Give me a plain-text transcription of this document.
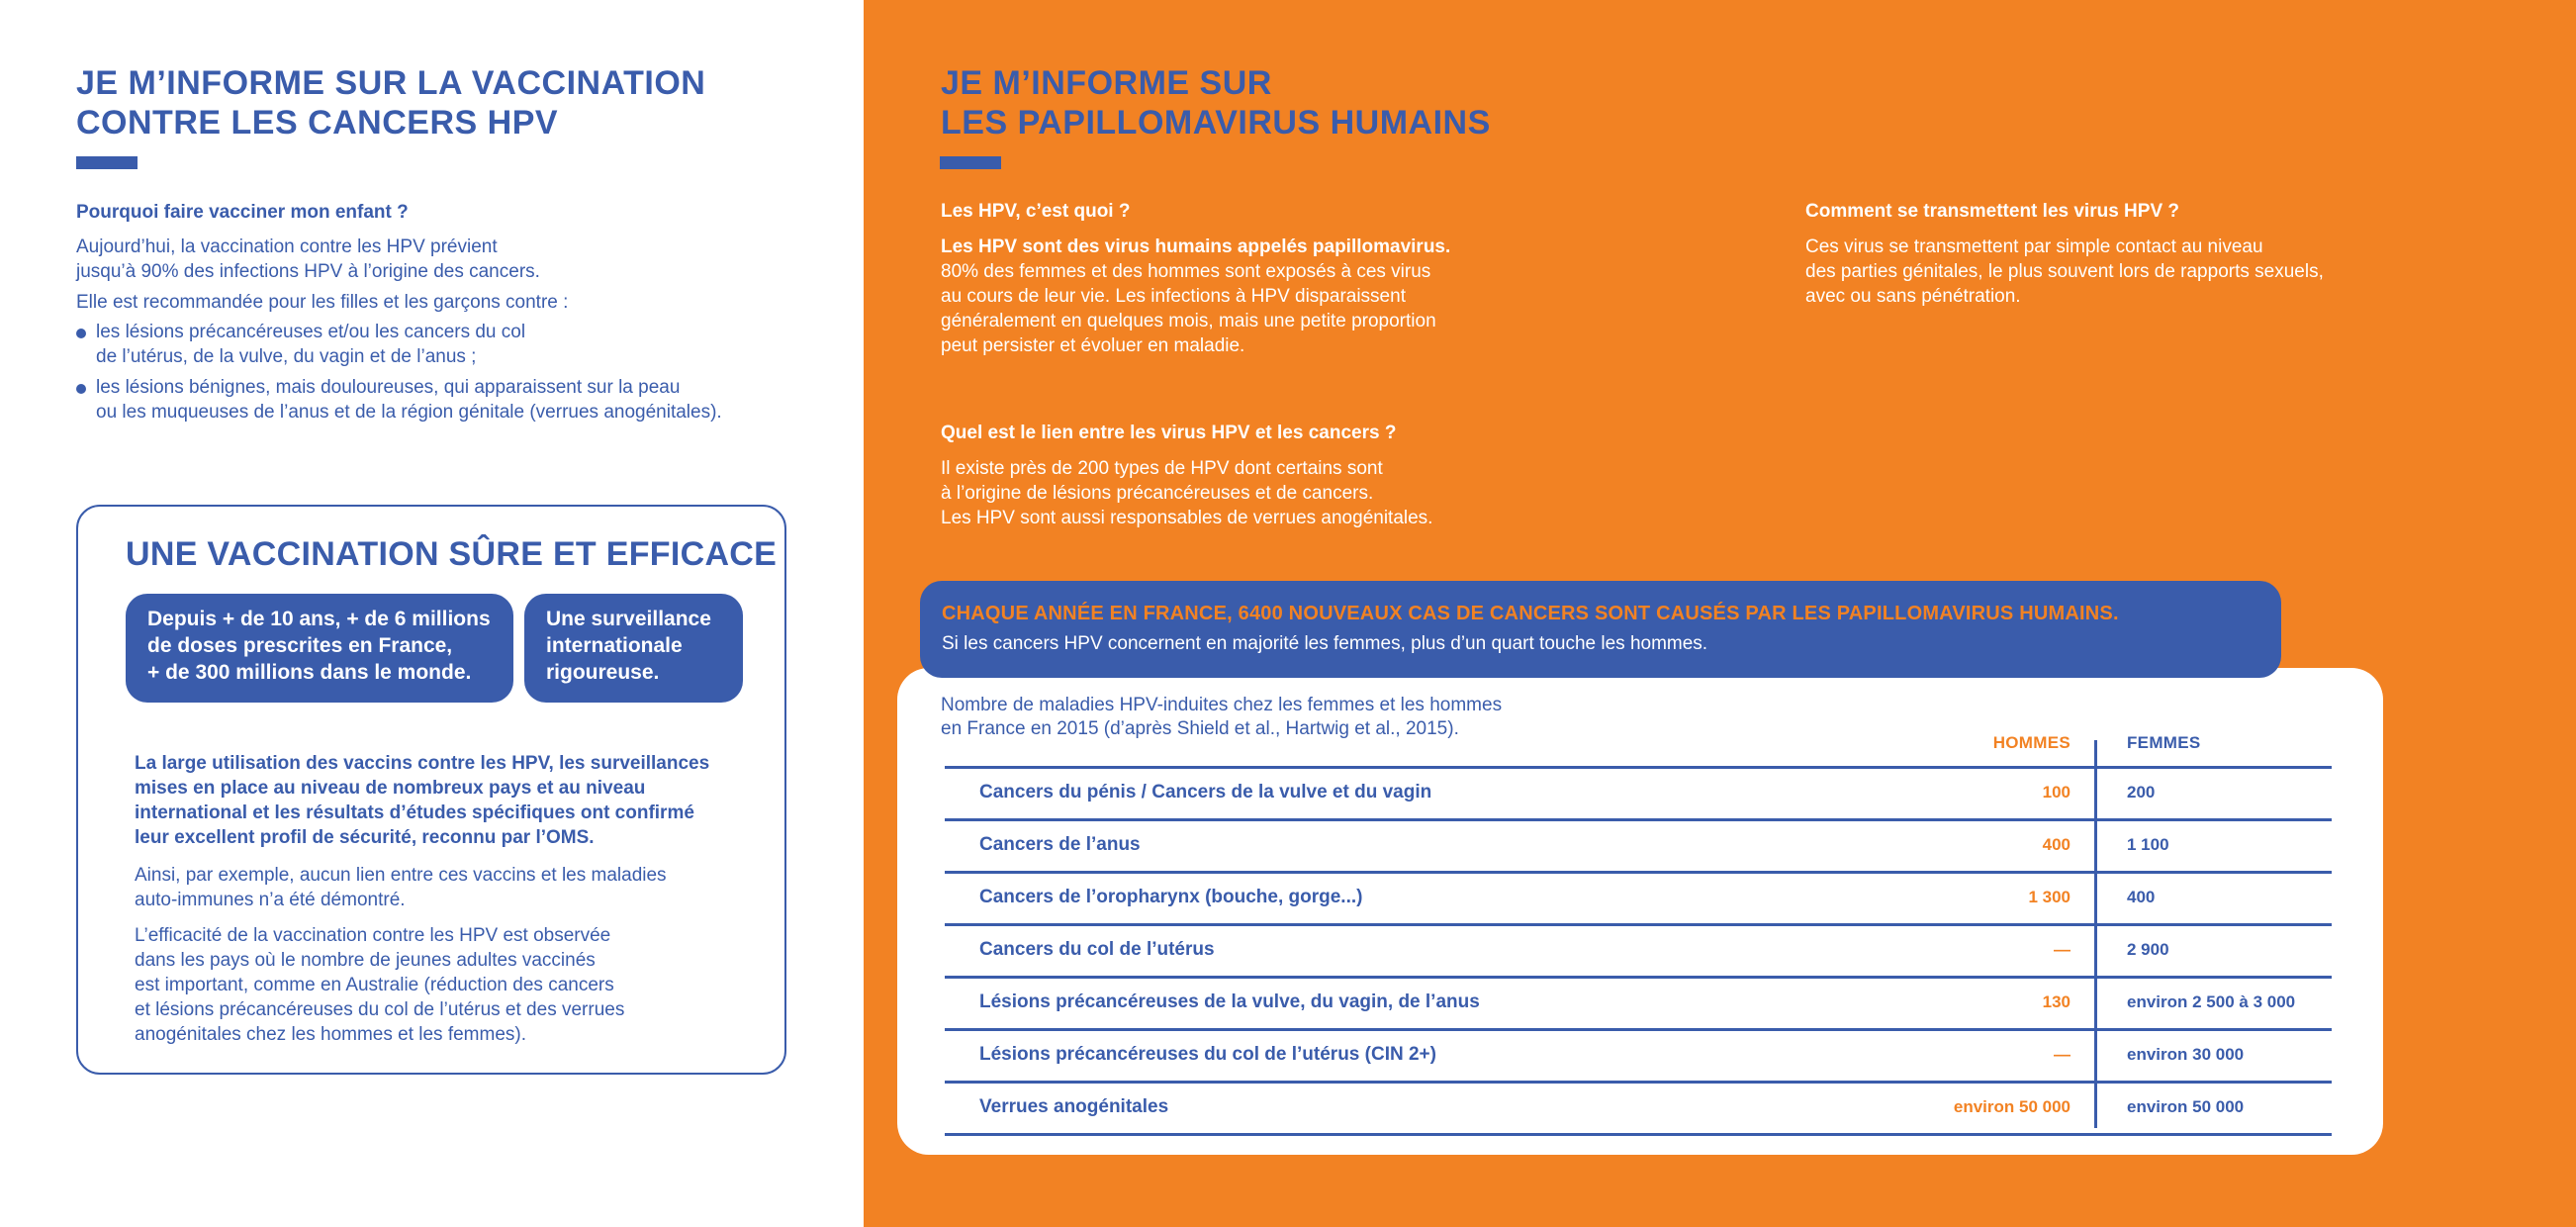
JE M’INFORME SUR LA VACCINATION
CONTRE LES CANCERS HPV

Pourquoi faire vacciner mon enfant ?

Aujourd’hui, la vaccination contre les HPV prévient
jusqu’à 90% des infections HPV à l’origine des cancers.

Elle est recommandée pour les filles et les garçons contre :

les lésions précancéreuses et/ou les cancers du col
de l’utérus, de la vulve, du vagin et de l’anus ;
les lésions bénignes, mais douloureuses, qui apparaissent sur la peau
ou les muqueuses de l’anus et de la région génitale (verrues anogénitales).
UNE VACCINATION SÛRE ET EFFICACE
Depuis + de 10 ans, + de 6 millions
de doses prescrites en France,
+ de 300 millions dans le monde.
Une surveillance
internationale
rigoureuse.

La large utilisation des vaccins contre les HPV, les surveillances
mises en place au niveau de nombreux pays et au niveau
international et les résultats d’études spécifiques ont confirmé
leur excellent profil de sécurité, reconnu par l’OMS.

Ainsi, par exemple, aucun lien entre ces vaccins et les maladies
auto-immunes n’a été démontré.

L’efficacité de la vaccination contre les HPV est observée
dans les pays où le nombre de jeunes adultes vaccinés
est important, comme en Australie (réduction des cancers
et lésions précancéreuses du col de l’utérus et des verrues
anogénitales chez les hommes et les femmes).

JE M’INFORME SUR
LES PAPILLOMAVIRUS HUMAINS

Les HPV, c’est quoi ?

Les HPV sont des virus humains appelés papillomavirus.
80% des femmes et des hommes sont exposés à ces virus
au cours de leur vie. Les infections à HPV disparaissent
généralement en quelques mois, mais une petite proportion
peut persister et évoluer en maladie.

Quel est le lien entre les virus HPV et les cancers ?

Il existe près de 200 types de HPV dont certains sont
à l’origine de lésions précancéreuses et de cancers.
Les HPV sont aussi responsables de verrues anogénitales.

Comment se transmettent les virus HPV ?

Ces virus se transmettent par simple contact au niveau
des parties génitales, le plus souvent lors de rapports sexuels,
avec ou sans pénétration.

CHAQUE ANNÉE EN FRANCE, 6400 NOUVEAUX CAS DE CANCERS SONT CAUSÉS PAR LES PAPILLOMAVIRUS HUMAINS.
Si les cancers HPV concernent en majorité les femmes, plus d’un quart touche les hommes.
Nombre de maladies HPV-induites chez les femmes et les hommes
en France en 2015 (d’après Shield et al., Hartwig et al., 2015).
HOMMES	FEMMES
Cancers du pénis / Cancers de la vulve et du vagin	100	200
Cancers de l’anus	400	1 100
Cancers de l’oropharynx (bouche, gorge...)	1 300	400
Cancers du col de l’utérus	—	2 900
Lésions précancéreuses de la vulve, du vagin, de l’anus	130	environ 2 500 à 3 000
Lésions précancéreuses du col de l’utérus (CIN 2+)	—	environ 30 000
Verrues anogénitales	environ 50 000	environ 50 000
